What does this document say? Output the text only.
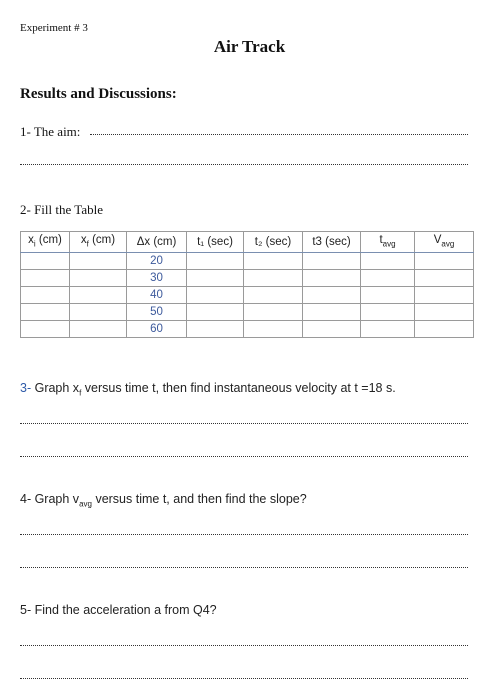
Experiment # 3
Air Track
Results and Discussions:
1- The aim:
2- Fill the Table
$x_i$ (cm)	$x_f$ (cm)	Δx (cm)	t₁ (sec)	t₂ (sec)	t3 (sec)	$t_{avg}$	$V_{avg}$
		20					
		30					
		40					
		50					
		60					
3- Graph $x_f$ versus time t, then find instantaneous velocity at t =18 s.
4- Graph $v_{avg}$ versus time t, and then find the slope?
5- Find the acceleration a from Q4?
